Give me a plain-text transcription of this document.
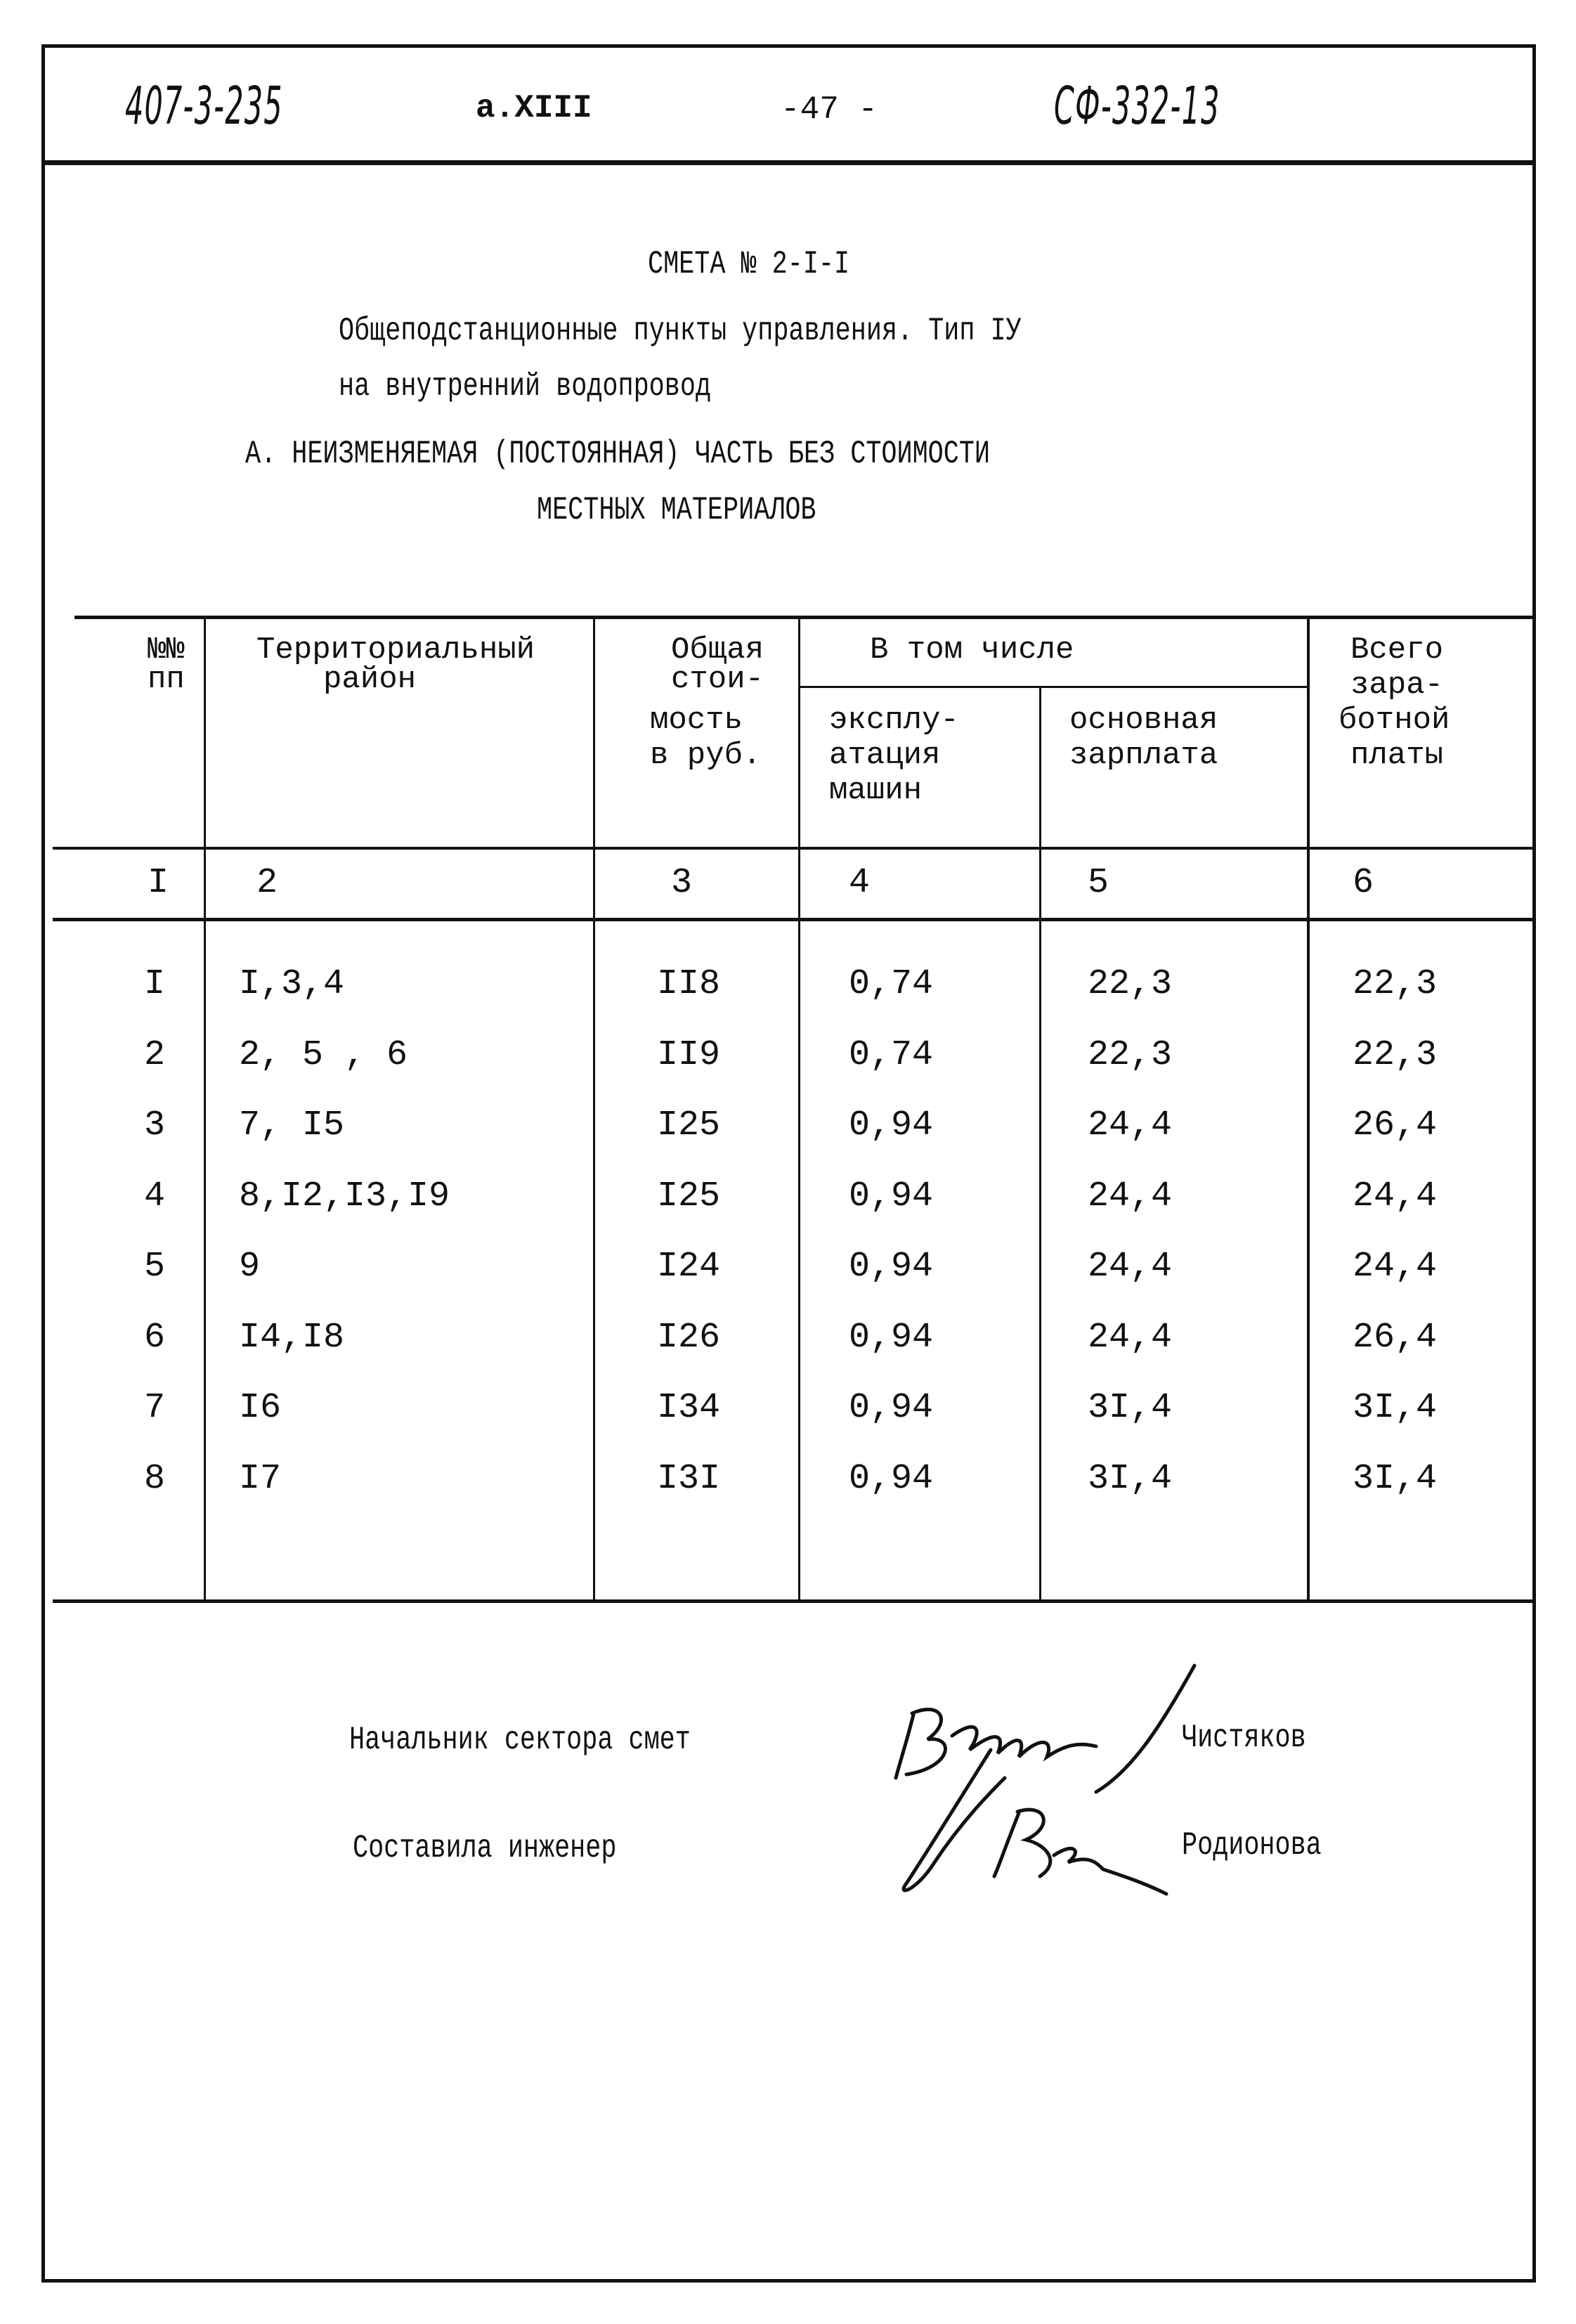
407-3-235	а.XIII	-47 -	СФ-332-13
СМЕТА № 2-I-I
Общеподстанционные пункты управления. Тип IУ
на внутренний водопровод
А. НЕИЗМЕНЯЕМАЯ (ПОСТОЯННАЯ) ЧАСТЬ БЕЗ СТОИМОСТИ
МЕСТНЫХ МАТЕРИАЛОВ
№№
пп
Территориальный
район
Общая
стои-
мость
в руб.
В том числе
эксплу-
атация
машин
основная
зарплата
Всего
зара-
ботной
платы
I 2	3	4	5	6
I I,3,4	II8	0,74	22,3	22,3
2 2, 5 , 6	II9	0,74	22,3	22,3
3 7, I5	I25	0,94	24,4	26,4
4 8,I2,I3,I9	I25	0,94	24,4	24,4
5 9	I24	0,94	24,4	24,4
6 I4,I8	I26	0,94	24,4	26,4
7 I6	I34	0,94	3I,4	3I,4
8 I7	I3I	0,94	3I,4	3I,4
Начальник сектора смет	Чистяков
Составила инженер	Родионова
